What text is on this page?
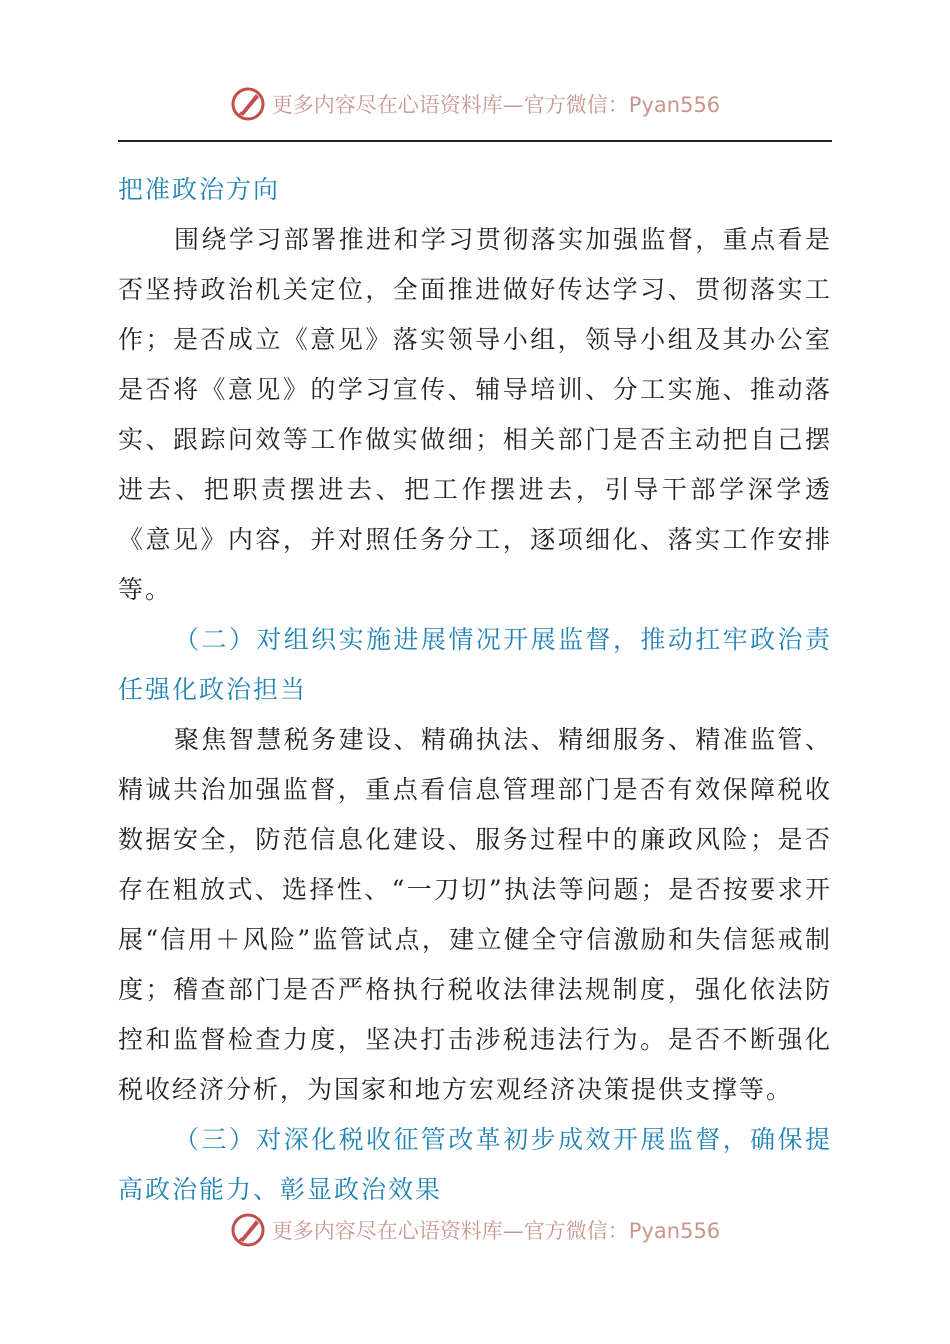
更多内容尽在心语资料库—官方微信：Pyan556

把准政治方向

围绕学习部署推进和学习贯彻落实加强监督，重点看是否坚持政治机关定位，全面推进做好传达学习、贯彻落实工作；是否成立《意见》落实领导小组，领导小组及其办公室是否将《意见》的学习宣传、辅导培训、分工实施、推动落实、跟踪问效等工作做实做细；相关部门是否主动把自己摆进去、把职责摆进去、把工作摆进去，引导干部学深学透《意见》内容，并对照任务分工，逐项细化、落实工作安排等。

（二）对组织实施进展情况开展监督，推动扛牢政治责任强化政治担当

聚焦智慧税务建设、精确执法、精细服务、精准监管、精诚共治加强监督，重点看信息管理部门是否有效保障税收数据安全，防范信息化建设、服务过程中的廉政风险；是否存在粗放式、选择性、“一刀切”执法等问题；是否按要求开展“信用＋风险”监管试点，建立健全守信激励和失信惩戒制度；稽查部门是否严格执行税收法律法规制度，强化依法防控和监督检查力度，坚决打击涉税违法行为。是否不断强化税收经济分析，为国家和地方宏观经济决策提供支撑等。

（三）对深化税收征管改革初步成效开展监督，确保提高政治能力、彰显政治效果

更多内容尽在心语资料库—官方微信：Pyan556
